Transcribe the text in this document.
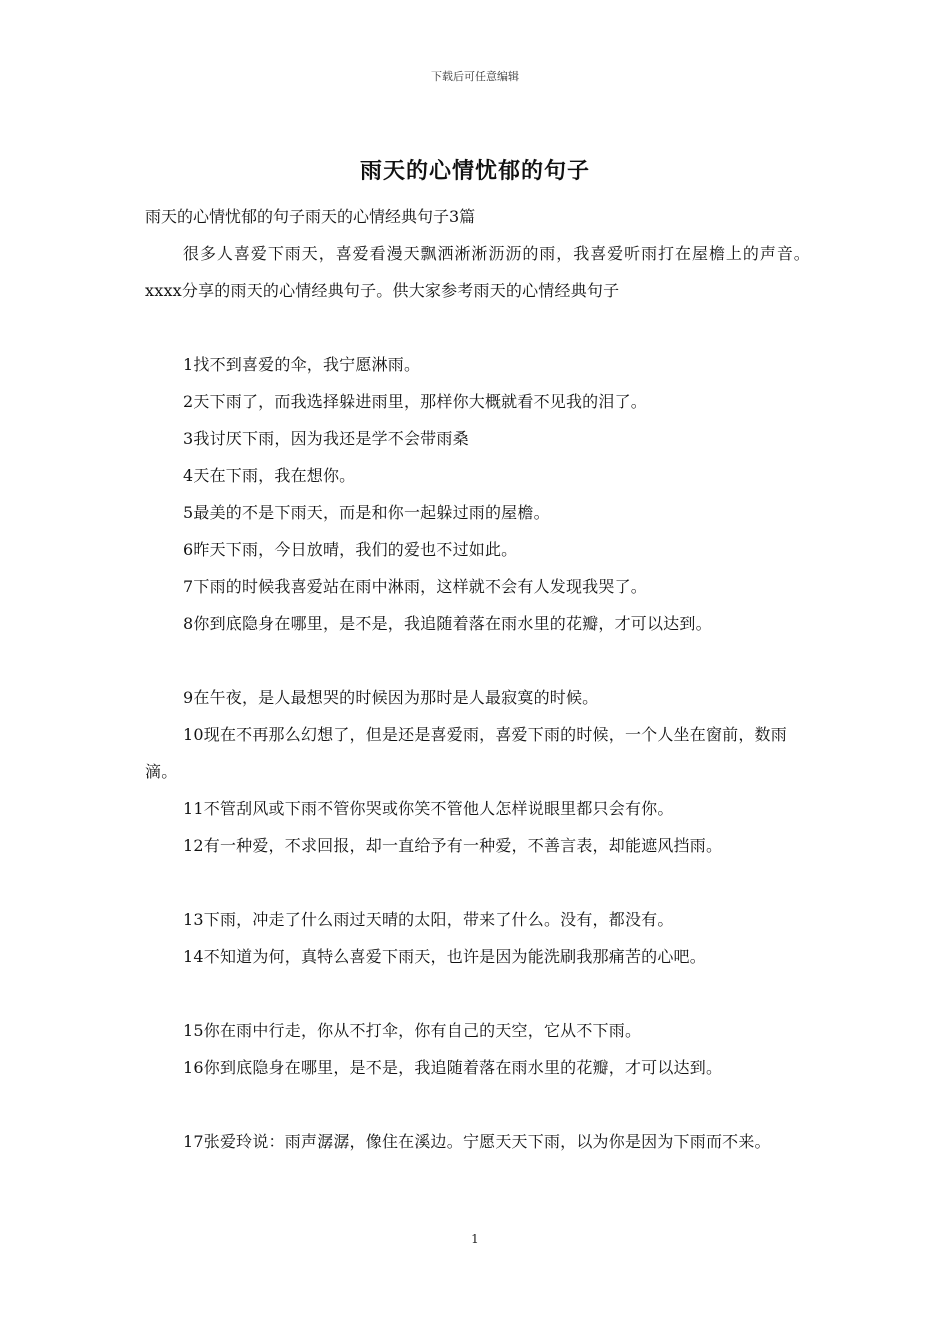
下载后可任意编辑
雨天的心情忧郁的句子
雨天的心情忧郁的句子雨天的心情经典句子3篇

很多人喜爱下雨天，喜爱看漫天飘洒淅淅沥沥的雨，我喜爱听雨打在屋檐上的声音。xxxx分享的雨天的心情经典句子。供大家参考雨天的心情经典句子

1找不到喜爱的伞，我宁愿淋雨。

2天下雨了，而我选择躲进雨里，那样你大概就看不见我的泪了。

3我讨厌下雨，因为我还是学不会带雨桑

4天在下雨，我在想你。

5最美的不是下雨天，而是和你一起躲过雨的屋檐。

6昨天下雨，今日放晴，我们的爱也不过如此。

7下雨的时候我喜爱站在雨中淋雨，这样就不会有人发现我哭了。

8你到底隐身在哪里，是不是，我追随着落在雨水里的花瓣，才可以达到。

9在午夜，是人最想哭的时候因为那时是人最寂寞的时候。

10现在不再那么幻想了，但是还是喜爱雨，喜爱下雨的时候，一个人坐在窗前，数雨滴。

11不管刮风或下雨不管你哭或你笑不管他人怎样说眼里都只会有你。

12有一种爱，不求回报，却一直给予有一种爱，不善言表，却能遮风挡雨。

13下雨，冲走了什么雨过天晴的太阳，带来了什么。没有，都没有。

14不知道为何，真特么喜爱下雨天，也许是因为能洗刷我那痛苦的心吧。

15你在雨中行走，你从不打伞，你有自己的天空，它从不下雨。

16你到底隐身在哪里，是不是，我追随着落在雨水里的花瓣，才可以达到。

17张爱玲说：雨声潺潺，像住在溪边。宁愿天天下雨，以为你是因为下雨而不来。

1
